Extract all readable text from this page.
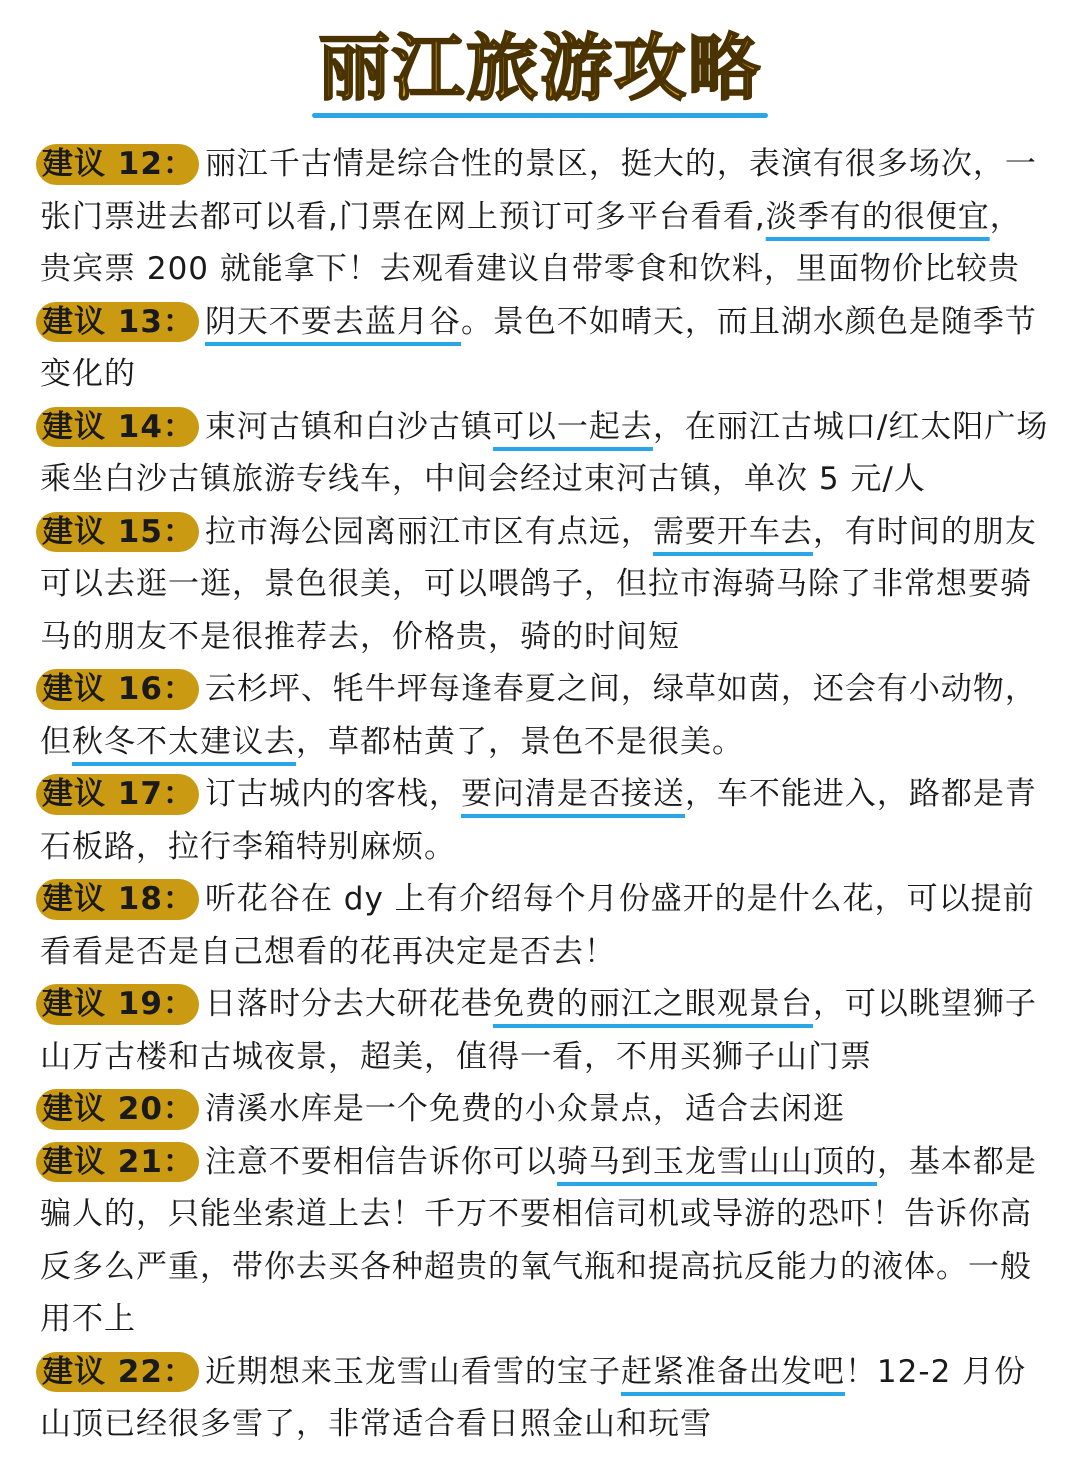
丽江旅游攻略

建议 12： 丽江千古情是综合性的景区，挺大的，表演有很多场次，一张门票进去都可以看,门票在网上预订可多平台看看,淡季有的很便宜，贵宾票 200 就能拿下！去观看建议自带零食和饮料，里面物价比较贵

建议 13： 阴天不要去蓝月谷。景色不如晴天，而且湖水颜色是随季节变化的

建议 14： 束河古镇和白沙古镇可以一起去，在丽江古城口/红太阳广场乘坐白沙古镇旅游专线车，中间会经过束河古镇，单次 5 元/人

建议 15： 拉市海公园离丽江市区有点远，需要开车去，有时间的朋友可以去逛一逛，景色很美，可以喂鸽子，但拉市海骑马除了非常想要骑马的朋友不是很推荐去，价格贵，骑的时间短

建议 16： 云杉坪、牦牛坪每逢春夏之间，绿草如茵，还会有小动物，但秋冬不太建议去，草都枯黄了，景色不是很美。

建议 17： 订古城内的客栈，要问清是否接送，车不能进入，路都是青石板路，拉行李箱特别麻烦。

建议 18： 听花谷在 dy 上有介绍每个月份盛开的是什么花，可以提前看看是否是自己想看的花再决定是否去！

建议 19： 日落时分去大研花巷免费的丽江之眼观景台，可以眺望狮子山万古楼和古城夜景，超美，值得一看，不用买狮子山门票

建议 20： 清溪水库是一个免费的小众景点，适合去闲逛

建议 21： 注意不要相信告诉你可以骑马到玉龙雪山山顶的，基本都是骗人的，只能坐索道上去！千万不要相信司机或导游的恐吓！告诉你高反多么严重，带你去买各种超贵的氧气瓶和提高抗反能力的液体。一般用不上

建议 22： 近期想来玉龙雪山看雪的宝子赶紧准备出发吧！12-2 月份山顶已经很多雪了，非常适合看日照金山和玩雪
